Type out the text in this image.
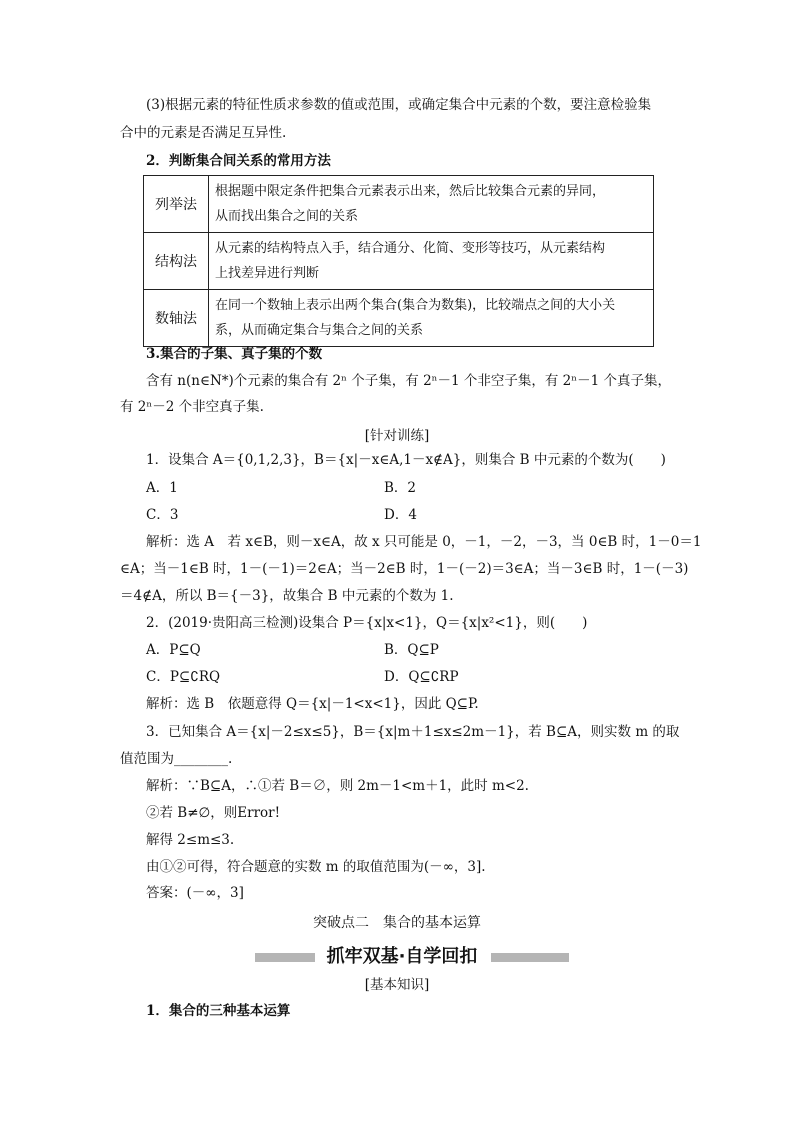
(3)根据元素的特征性质求参数的值或范围，或确定集合中元素的个数，要注意检验集
合中的元素是否满足互异性.
2．判断集合间关系的常用方法
列举法	根据题中限定条件把集合元素表示出来，然后比较集合元素的异同，
从而找出集合之间的关系
结构法	从元素的结构特点入手，结合通分、化简、变形等技巧，从元素结构
上找差异进行判断
数轴法	在同一个数轴上表示出两个集合(集合为数集)，比较端点之间的大小关
系，从而确定集合与集合之间的关系
3.集合的子集、真子集的个数
含有 n(n∈N*)个元素的集合有 2ⁿ 个子集，有 2ⁿ－1 个非空子集，有 2ⁿ－1 个真子集，
有 2ⁿ－2 个非空真子集.
[针对训练]
1．设集合 A＝{0,1,2,3}，B＝{x|－x∈A,1－x∉A}，则集合 B 中元素的个数为(　　)
A．1	B．2
C．3	D．4
解析：选 A　若 x∈B，则－x∈A，故 x 只可能是 0，－1，－2，－3，当 0∈B 时，1－0＝1
∈A；当－1∈B 时，1－(－1)＝2∈A；当－2∈B 时，1－(－2)＝3∈A；当－3∈B 时，1－(－3)
＝4∉A，所以 B＝{－3}，故集合 B 中元素的个数为 1.
2．(2019·贵阳高三检测)设集合 P＝{x|x<1}，Q＝{x|x²<1}，则(　　)
A．P⊆Q	B．Q⊆P
C．P⊆∁RQ	D．Q⊆∁RP
解析：选 B　依题意得 Q＝{x|－1<x<1}，因此 Q⊆P.
3．已知集合 A＝{x|－2≤x≤5}，B＝{x|m＋1≤x≤2m－1}，若 B⊆A，则实数 m 的取
值范围为________.
解析：∵B⊆A，∴①若 B＝∅，则 2m－1<m＋1，此时 m<2.
②若 B≠∅，则Error!
解得 2≤m≤3.
由①②可得，符合题意的实数 m 的取值范围为(－∞，3].
答案：(－∞，3]
突破点二　集合的基本运算
抓牢双基·自学回扣
[基本知识]
1．集合的三种基本运算
